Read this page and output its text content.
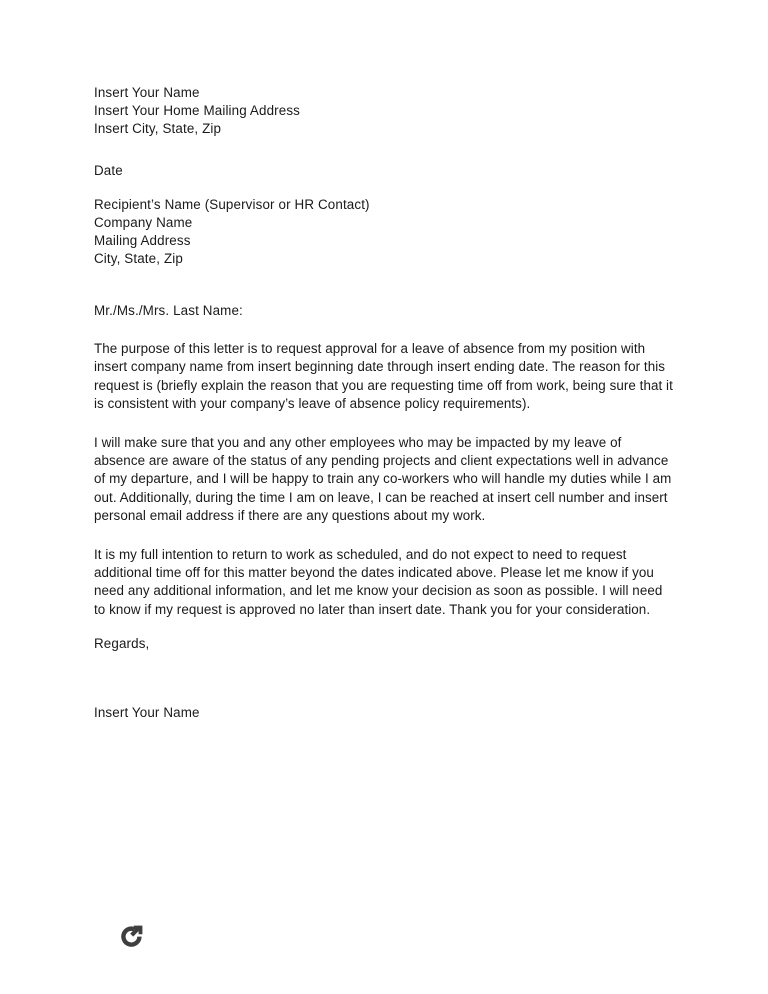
Insert Your Name
Insert Your Home Mailing Address
Insert City, State, Zip
Date
Recipient’s Name (Supervisor or HR Contact)
Company Name
Mailing Address
City, State, Zip
Mr./Ms./Mrs. Last Name:

The purpose of this letter is to request approval for a leave of absence from my position with insert company name from insert beginning date through insert ending date. The reason for this request is (briefly explain the reason that you are requesting time off from work, being sure that it is consistent with your company’s leave of absence policy requirements).

I will make sure that you and any other employees who may be impacted by my leave of absence are aware of the status of any pending projects and client expectations well in advance of my departure, and I will be happy to train any co-workers who will handle my duties while I am out. Additionally, during the time I am on leave, I can be reached at insert cell number and insert personal email address if there are any questions about my work.

It is my full intention to return to work as scheduled, and do not expect to need to request additional time off for this matter beyond the dates indicated above. Please let me know if you need any additional information, and let me know your decision as soon as possible. I will need to know if my request is approved no later than insert date. Thank you for your consideration.

Regards,
Insert Your Name
